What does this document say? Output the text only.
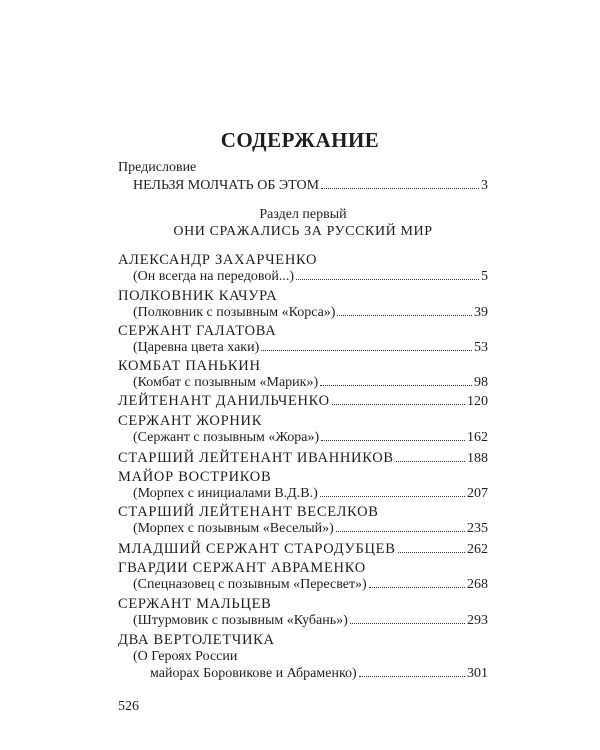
СОДЕРЖАНИЕ
Предисловие
НЕЛЬЗЯ МОЛЧАТЬ ОБ ЭТОМ	3
Раздел первый
ОНИ СРАЖАЛИСЬ ЗА РУССКИЙ МИР
АЛЕКСАНДР ЗАХАРЧЕНКО
(Он всегда на передовой...)	5
ПОЛКОВНИК КАЧУРА
(Полковник с позывным «Корса»)	39
СЕРЖАНТ ГАЛАТОВА
(Царевна цвета хаки)	53
КОМБАТ ПАНЬКИН
(Комбат с позывным «Марик»)	98
ЛЕЙТЕНАНТ ДАНИЛЬЧЕНКО	120
СЕРЖАНТ ЖОРНИК
(Сержант с позывным «Жора»)	162
СТАРШИЙ ЛЕЙТЕНАНТ ИВАННИКОВ	188
МАЙОР ВОСТРИКОВ
(Морпех с инициалами В.Д.В.)	207
СТАРШИЙ ЛЕЙТЕНАНТ ВЕСЕЛКОВ
(Морпех с позывным «Веселый»)	235
МЛАДШИЙ СЕРЖАНТ СТАРОДУБЦЕВ	262
ГВАРДИИ СЕРЖАНТ АВРАМЕНКО
(Спецназовец с позывным «Пересвет»)	268
СЕРЖАНТ МАЛЬЦЕВ
(Штурмовик с позывным «Кубань»)	293
ДВА ВЕРТОЛЕТЧИКА
(О Героях России
майорах Боровикове и Абраменко)	301
526
